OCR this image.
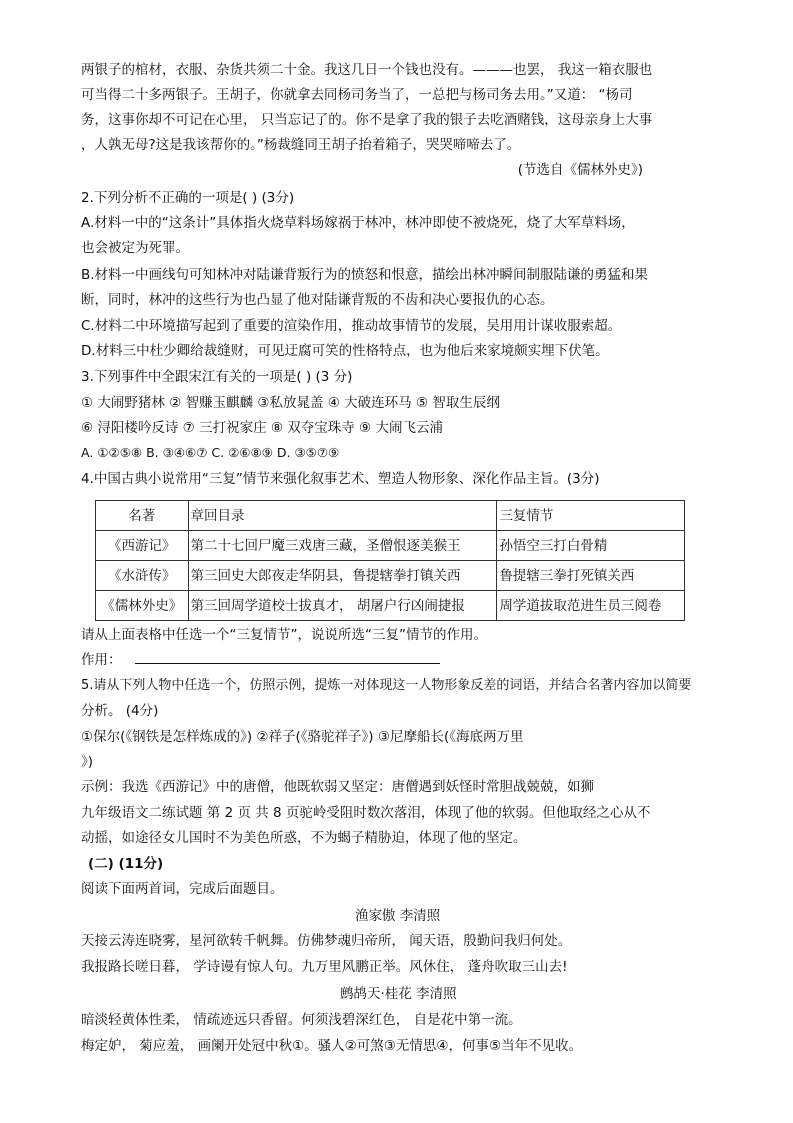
两银子的棺材，衣服、杂货共须二十金。我这几日一个钱也没有。———也罢， 我这一箱衣服也
可当得二十多两银子。王胡子，你就拿去同杨司务当了，一总把与杨司务去用。”又道： “杨司
务，这事你却不可记在心里， 只当忘记了的。你不是拿了我的银子去吃酒赌钱，这母亲身上大事
，人孰无母?这是我该帮你的。”杨裁缝同王胡子抬着箱子，哭哭啼啼去了。
(节选自《儒林外史》)
2.下列分析不正确的一项是( ) (3分)
A.材料一中的“这条计”具体指火烧草料场嫁祸于林冲，林冲即使不被烧死，烧了大军草料场，
也会被定为死罪。
B.材料一中画线句可知林冲对陆谦背叛行为的愤怒和恨意，描绘出林冲瞬间制服陆谦的勇猛和果
断，同时，林冲的这些行为也凸显了他对陆谦背叛的不齿和决心要报仇的心态。
C.材料二中环境描写起到了重要的渲染作用，推动故事情节的发展，吴用用计谋收服索超。
D.材料三中杜少卿给裁缝财，可见迂腐可笑的性格特点，也为他后来家境颇实埋下伏笔。
3.下列事件中全跟宋江有关的一项是( ) (3 分)
① 大闹野猪林 ② 智赚玉麒麟 ③私放晁盖 ④ 大破连环马 ⑤ 智取生辰纲
⑥ 浔阳楼吟反诗 ⑦ 三打祝家庄 ⑧ 双夺宝珠寺 ⑨ 大闹飞云浦
A. ①②⑤⑧ B. ③④⑥⑦ C. ②⑥⑧⑨ D. ③⑤⑦⑨
4.中国古典小说常用“三复”情节来强化叙事艺术、塑造人物形象、深化作品主旨。(3分)
名著	章回目录	三复情节
《西游记》	第二十七回尸魔三戏唐三藏，圣僧恨逐美猴王	孙悟空三打白骨精
《水浒传》	第三回史大郎夜走华阴县，鲁提辖拳打镇关西	鲁提辖三拳打死镇关西
《儒林外史》	第三回周学道校士拔真才， 胡屠户行凶闹捷报	周学道拔取范进生员三阅卷
请从上面表格中任选一个“三复情节”，说说所选“三复”情节的作用。
作用：
5.请从下列人物中任选一个，仿照示例，提炼一对体现这一人物形象反差的词语，并结合名著内容加以简要
分析。 (4分)
①保尔(《钢铁是怎样炼成的》) ②祥子(《骆驼祥子》) ③尼摩船长(《海底两万里
》)
示例：我选《西游记》中的唐僧，他既软弱又坚定：唐僧遇到妖怪时常胆战兢兢，如狮
九年级语文二练试题 第 2 页 共 8 页驼岭受阻时数次落泪，体现了他的软弱。但他取经之心从不
动摇，如途径女儿国时不为美色所惑，不为蝎子精胁迫，体现了他的坚定。
(二) (11分)
阅读下面两首词，完成后面题目。
渔家傲 李清照
天接云涛连晓雾，星河欲转千帆舞。仿佛梦魂归帝所， 闻天语，殷勤问我归何处。
我报路长嗟日暮， 学诗谩有惊人句。九万里风鹏正举。风休住， 蓬舟吹取三山去!
鹧鸪天·桂花 李清照
暗淡轻黄体性柔， 情疏迹远只香留。何须浅碧深红色， 自是花中第一流。
梅定妒， 菊应羞， 画阑开处冠中秋①。骚人②可煞③无情思④，何事⑤当年不见收。
